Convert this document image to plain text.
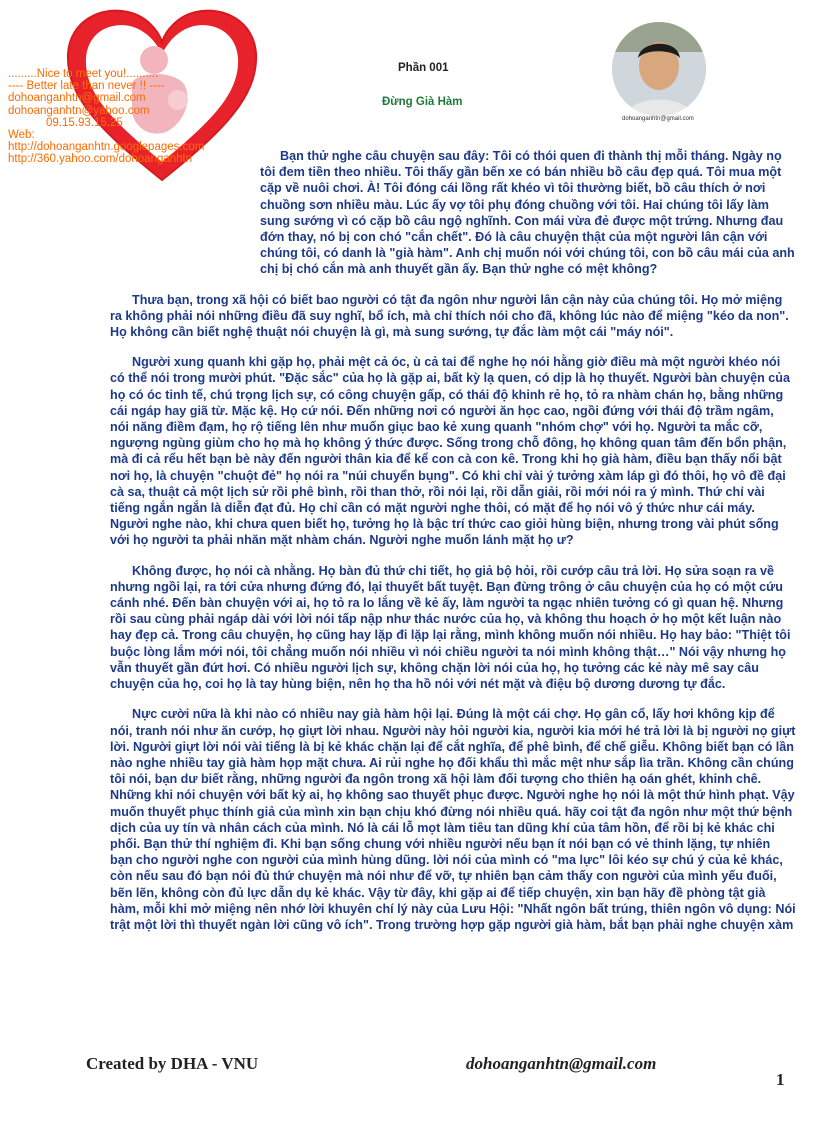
.........Nice to meet you!..........
---- Better late than never !! ----
dohoanganhtn@gmail.com
dohoanganhtn@yahoo.com
09.15.93.15.25
Web:
http://dohoanganhtn.googlepages.com
http://360.yahoo.com/dohoanganhtn
Phần 001
Đừng Già Hàm
dohoanganhtn@gmail.com

Bạn thử nghe câu chuyện sau đây: Tôi có thói quen đi thành thị mỗi tháng. Ngày nọ tôi đem tiền theo nhiều. Tôi thấy gần bến xe có bán nhiều bồ câu đẹp quá. Tôi mua một cặp về nuôi chơi. À! Tôi đóng cái lồng rất khéo vì tôi thường biết, bồ câu thích ở nơi chuồng sơn nhiều màu. Lúc ấy vợ tôi phụ đóng chuồng với tôi. Hai chúng tôi lấy làm sung sướng vì có cặp bồ câu ngộ nghĩnh. Con mái vừa đẻ được một trứng. Nhưng đau đớn thay, nó bị con chó "cắn chết". Đó là câu chuyện thật của một người lân cận với chúng tôi, có danh là "già hàm". Anh chị muốn nói với chúng tôi, con bồ câu mái của anh chị bị chó cắn mà anh thuyết gần ấy. Bạn thử nghe có mệt không?

Thưa bạn, trong xã hội có biết bao người có tật đa ngôn như người lân cận này của chúng tôi. Họ mở miệng ra không phải nói những điều đã suy nghĩ, bổ ích, mà chỉ thích nói cho đã, không lúc nào để miệng "kéo da non". Họ không cần biết nghệ thuật nói chuyện là gì, mà sung sướng, tự đắc làm một cái "máy nói".

Người xung quanh khi gặp họ, phải mệt cả óc, ù cả tai để nghe họ nói hằng giờ điều mà một người khéo nói có thể nói trong mười phút. "Đặc sắc" của họ là gặp ai, bất kỳ lạ quen, có dịp là họ thuyết. Người bàn chuyện của họ có óc tinh tế, chú trọng lịch sự, có công chuyện gấp, có thái độ khinh rẻ họ, tỏ ra nhàm chán họ, bằng những cái ngáp hay giã từ. Mặc kệ. Họ cứ nói. Đến những nơi có người ăn học cao, ngồi đứng với thái độ trầm ngâm, nói năng điềm đạm, họ rộ tiếng lên như muốn giục bao kẻ xung quanh "nhóm chợ" với họ. Người ta mắc cỡ, ngượng ngùng giùm cho họ mà họ không ý thức được. Sống trong chỗ đông, họ không quan tâm đến bổn phận, mà đi cả rểu hết bạn bè này đến người thân kia để kể con cà con kê. Trong khi họ già hàm, điều bạn thấy nổi bật nơi họ, là chuyện "chuột đẻ" họ nói ra "núi chuyển bụng". Có khi chỉ vài ý tưởng xàm láp gì đó thôi, họ vô đề đại cà sa, thuật cả một lịch sử rồi phê bình, rồi than thở, rồi nói lại, rồi dẫn giải, rồi mới nói ra ý mình. Thứ chỉ vài tiếng ngắn ngắn là diễn đạt đủ. Họ chỉ cần có mặt người nghe thôi, có mặt để họ nói vô ý thức như cái máy. Người nghe nào, khi chưa quen biết họ, tưởng họ là bậc trí thức cao giỏi hùng biện, nhưng trong vài phút sống với họ người ta phải nhăn mặt nhàm chán. Người nghe muốn lánh mặt họ ư?

Không được, họ nói cà nhằng. Họ bàn đủ thứ chi tiết, họ giả bộ hỏi, rồi cướp câu trả lời. Họ sửa soạn ra về nhưng ngồi lại, ra tới cửa nhưng đứng đó, lại thuyết bất tuyệt. Bạn đừng trông ở câu chuyện của họ có một cứu cánh nhé. Đến bàn chuyện với ai, họ tỏ ra lo lắng về kẻ ấy, làm người ta ngạc nhiên tưởng có gì quan hệ. Nhưng rồi sau cùng phải ngáp dài với lời nói tấp nập như thác nước của họ, và không thu hoạch ở họ một kết luận nào hay đẹp cả. Trong câu chuyện, họ cũng hay lặp đi lặp lại rằng, mình không muốn nói nhiều. Họ hay bảo: "Thiệt tôi buộc lòng lắm mới nói, tôi chẳng muốn nói nhiều vì nói chiều người ta nói mình không thật…" Nói vậy nhưng họ vẫn thuyết gần đứt hơi. Có nhiều người lịch sự, không chặn lời nói của họ, họ tưởng các kẻ này mê say câu chuyện của họ, coi họ là tay hùng biện, nên họ tha hồ nói với nét mặt và điệu bộ dương dương tự đắc.

Nực cười nữa là khi nào có nhiều nay già hàm hội lại. Đúng là một cái chợ. Họ gân cổ, lấy hơi không kịp để nói, tranh nói như ăn cướp, họ giựt lời nhau. Người này hỏi người kia, người kia mới hé trả lời là bị người nọ giựt lời. Người giựt lời nói vài tiếng là bị kẻ khác chặn lại để cắt nghĩa, để phê bình, để chế giễu. Không biết bạn có lần nào nghe nhiều tay già hàm họp mặt chưa. Ai rủi nghe họ đối khẩu thì mắc mệt như sắp lìa trần. Không cần chúng tôi nói, bạn dư biết rằng, những người đa ngôn trong xã hội làm đối tượng cho thiên hạ oán ghét, khinh chê. Những khi nói chuyện với bất kỳ ai, họ không sao thuyết phục được. Người nghe họ nói là một thứ hình phạt. Vậy muốn thuyết phục thính giả của mình xin bạn chịu khó đừng nói nhiều quá. hãy coi tật đa ngôn như một thứ bệnh dịch của uy tín và nhân cách của mình. Nó là cái lỗ mọt làm tiêu tan dũng khí của tâm hồn, để rồi bị kẻ khác chi phối. Bạn thử thí nghiệm đi. Khi bạn sống chung với nhiều người nếu bạn ít nói bạn có vẻ thinh lặng, tự nhiên bạn cho người nghe con người của mình hùng dũng. lời nói của mình có "ma lực" lôi kéo sự chú ý của kẻ khác, còn nếu sau đó bạn nói đủ thứ chuyện mà nói như để vỡ, tự nhiên bạn cảm thấy con người của mình yếu đuối, bẽn lẽn, không còn đủ lực dẫn dụ kẻ khác. Vậy từ đây, khi gặp ai để tiếp chuyện, xin bạn hãy đề phòng tật già hàm, mỗi khi mở miệng nên nhớ lời khuyên chí lý này của Lưu Hội: "Nhất ngôn bất trúng, thiên ngôn vô dụng: Nói trật một lời thì thuyết ngàn lời cũng vô ích". Trong trường hợp gặp người già hàm, bắt bạn phải nghe chuyện xàm

Created by DHA - VNU	dohoanganhtn@gmail.com
1
